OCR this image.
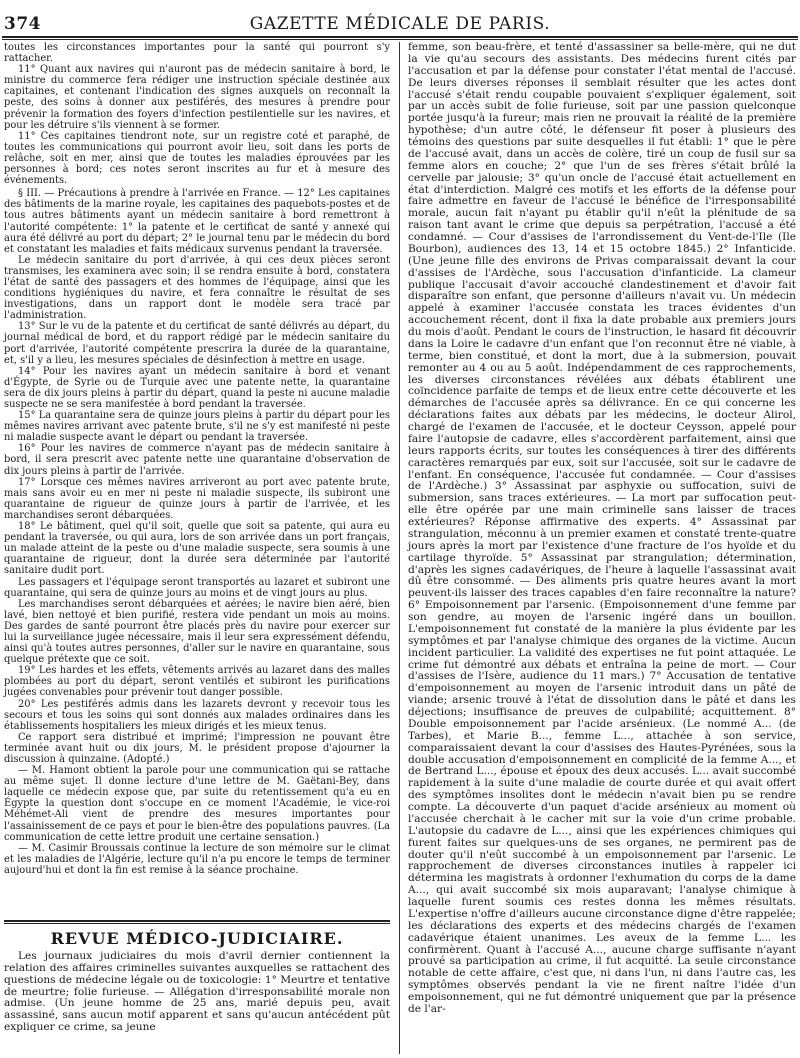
374	GAZETTE MÉDICALE DE PARIS.

toutes les circonstances importantes pour la santé qui pourront s'y rattacher.

11° Quant aux navires qui n'auront pas de médecin sanitaire à bord, le ministre du commerce fera rédiger une instruction spéciale destinée aux capitaines, et contenant l'indication des signes auxquels on reconnaît la peste, des soins à donner aux pestiférés, des mesures à prendre pour prévenir la formation des foyers d'infection pestilentielle sur les navires, et pour les détruire s'ils viennent à se former.

11° Ces capitaines tiendront note, sur un registre coté et paraphé, de toutes les communications qui pourront avoir lieu, soit dans les ports de relâche, soit en mer, ainsi que de toutes les maladies éprouvées par les personnes à bord; ces notes seront inscrites au fur et à mesure des événements.

§ III. — Précautions à prendre à l'arrivée en France. — 12° Les capitaines des bâtiments de la marine royale, les capitaines des paquebots-postes et de tous autres bâtiments ayant un médecin sanitaire à bord remettront à l'autorité compétente: 1° la patente et le certificat de santé y annexé qui aura été délivré au port du départ; 2° le journal tenu par le médecin du bord et constatant les maladies et faits médicaux survenus pendant la traversée.

Le médecin sanitaire du port d'arrivée, à qui ces deux pièces seront transmises, les examinera avec soin; il se rendra ensuite à bord, constatera l'état de santé des passagers et des hommes de l'équipage, ainsi que les conditions hygiéniques du navire, et fera connaître le résultat de ses investigations, dans un rapport dont le modèle sera tracé par l'administration.

13° Sur le vu de la patente et du certificat de santé délivrés au départ, du journal médical de bord, et du rapport rédigé par le médecin sanitaire du port d'arrivée, l'autorité compétente prescrira la durée de la quarantaine, et, s'il y a lieu, les mesures spéciales de désinfection à mettre en usage.

14° Pour les navires ayant un médecin sanitaire à bord et venant d'Égypte, de Syrie ou de Turquie avec une patente nette, la quarantaine sera de dix jours pleins à partir du départ, quand la peste ni aucune maladie suspecte ne se sera manifestée à bord pendant la traversée.

15° La quarantaine sera de quinze jours pleins à partir du départ pour les mêmes navires arrivant avec patente brute, s'il ne s'y est manifesté ni peste ni maladie suspecte avant le départ ou pendant la traversée.

16° Pour les navires de commerce n'ayant pas de médecin sanitaire à bord, il sera prescrit avec patente nette une quarantaine d'observation de dix jours pleins à partir de l'arrivée.

17° Lorsque ces mêmes navires arriveront au port avec patente brute, mais sans avoir eu en mer ni peste ni maladie suspecte, ils subiront une quarantaine de rigueur de quinze jours à partir de l'arrivée, et les marchandises seront débarquées.

18° Le bâtiment, quel qu'il soit, quelle que soit sa patente, qui aura eu pendant la traversée, ou qui aura, lors de son arrivée dans un port français, un malade atteint de la peste ou d'une maladie suspecte, sera soumis à une quarantaine de rigueur, dont la durée sera déterminée par l'autorité sanitaire dudit port.

Les passagers et l'équipage seront transportés au lazaret et subiront une quarantaine, qui sera de quinze jours au moins et de vingt jours au plus.

Les marchandises seront débarquées et aérées; le navire bien aéré, bien lavé, bien nettoyé et bien purifié, restera vide pendant un mois au moins. Des gardes de santé pourront être placés près du navire pour exercer sur lui la surveillance jugée nécessaire, mais il leur sera expressément défendu, ainsi qu'à toutes autres personnes, d'aller sur le navire en quarantaine, sous quelque prétexte que ce soit.

19° Les hardes et les effets, vêtements arrivés au lazaret dans des malles plombées au port du départ, seront ventilés et subiront les purifications jugées convenables pour prévenir tout danger possible.

20° Les pestiférés admis dans les lazarets devront y recevoir tous les secours et tous les soins qui sont donnés aux malades ordinaires dans les établissements hospitaliers les mieux dirigés et les mieux tenus.

Ce rapport sera distribué et imprimé; l'impression ne pouvant être terminée avant huit ou dix jours, M. le président propose d'ajourner la discussion à quinzaine. (Adopté.)

— M. Hamont obtient la parole pour une communication qui se rattache au même sujet. Il donne lecture d'une lettre de M. Gaëtani-Bey, dans laquelle ce médecin expose que, par suite du retentissement qu'a eu en Égypte la question dont s'occupe en ce moment l'Académie, le vice-roi Méhémet-Ali vient de prendre des mesures importantes pour l'assainissement de ce pays et pour le bien-être des populations pauvres. (La communication de cette lettre produit une certaine sensation.)

— M. Casimir Broussais continue la lecture de son mémoire sur le climat et les maladies de l'Algérie, lecture qu'il n'a pu encore le temps de terminer aujourd'hui et dont la fin est remise à la séance prochaine.

REVUE MÉDICO-JUDICIAIRE.

Les journaux judiciaires du mois d'avril dernier contiennent la relation des affaires criminelles suivantes auxquelles se rattachent des questions de médecine légale ou de toxicologie: 1° Meurtre et tentative de meurtre; folie furieuse. — Allégation d'irresponsabilité morale non admise. (Un jeune homme de 25 ans, marié depuis peu, avait assassiné, sans aucun motif apparent et sans qu'aucun antécédent pût expliquer ce crime, sa jeune

femme, son beau-frère, et tenté d'assassiner sa belle-mère, qui ne dut la vie qu'au secours des assistants. Des médecins furent cités par l'accusation et par la défense pour constater l'état mental de l'accusé. De leurs diverses réponses il semblait résulter que les actes dont l'accusé s'était rendu coupable pouvaient s'expliquer également, soit par un accès subit de folie furieuse, soit par une passion quelconque portée jusqu'à la fureur; mais rien ne prouvait la réalité de la première hypothèse; d'un autre côté, le défenseur fit poser à plusieurs des témoins des questions par suite desquelles il fut établi: 1° que le père de l'accusé avait, dans un accès de colère, tiré un coup de fusil sur sa femme alors en couche; 2° que l'un de ses frères s'était brûlé la cervelle par jalousie; 3° qu'un oncle de l'accusé était actuellement en état d'interdiction. Malgré ces motifs et les efforts de la défense pour faire admettre en faveur de l'accusé le bénéfice de l'irresponsabilité morale, aucun fait n'ayant pu établir qu'il n'eût la plénitude de sa raison tant avant le crime que depuis sa perpétration, l'accusé a été condamné. — Cour d'assises de l'arrondissement du Vent-de-l'Ile (Ile Bourbon), audiences des 13, 14 et 15 octobre 1845.) 2° Infanticide. (Une jeune fille des environs de Privas comparaissait devant la cour d'assises de l'Ardèche, sous l'accusation d'infanticide. La clameur publique l'accusait d'avoir accouché clandestinement et d'avoir fait disparaître son enfant, que personne d'ailleurs n'avait vu. Un médecin appelé à examiner l'accusée constata les traces évidentes d'un accouchement récent, dont il fixa la date probable aux premiers jours du mois d'août. Pendant le cours de l'instruction, le hasard fit découvrir dans la Loire le cadavre d'un enfant que l'on reconnut être né viable, à terme, bien constitué, et dont la mort, due à la submersion, pouvait remonter au 4 ou au 5 août. Indépendamment de ces rapprochements, les diverses circonstances révélées aux débats établirent une coïncidence parfaite de temps et de lieux entre cette découverte et les démarches de l'accusée après sa délivrance. En ce qui concerne les déclarations faites aux débats par les médecins, le docteur Alirol, chargé de l'examen de l'accusée, et le docteur Ceysson, appelé pour faire l'autopsie de cadavre, elles s'accordèrent parfaitement, ainsi que leurs rapports écrits, sur toutes les conséquences à tirer des différents caractères remarqués par eux, soit sur l'accusée, soit sur le cadavre de l'enfant. En conséquence, l'accusée fut condamnée. — Cour d'assises de l'Ardèche.) 3° Assassinat par asphyxie ou suffocation, suivi de submersion, sans traces extérieures. — La mort par suffocation peut-elle être opérée par une main criminelle sans laisser de traces extérieures? Réponse affirmative des experts. 4° Assassinat par strangulation, méconnu à un premier examen et constaté trente-quatre jours après la mort par l'existence d'une fracture de l'os hyoïde et du cartilage thyroïde. 5° Assassinat par strangulation; détermination, d'après les signes cadavériques, de l'heure à laquelle l'assassinat avait dû être consommé. — Des aliments pris quatre heures avant la mort peuvent-ils laisser des traces capables d'en faire reconnaître la nature? 6° Empoisonnement par l'arsenic. (Empoisonnement d'une femme par son gendre, au moyen de l'arsenic ingéré dans un bouillon. L'empoisonnement fut constaté de la manière la plus évidente par les symptômes et par l'analyse chimique des organes de la victime. Aucun incident particulier. La validité des expertises ne fut point attaquée. Le crime fut démontré aux débats et entraîna la peine de mort. — Cour d'assises de l'Isère, audience du 11 mars.) 7° Accusation de tentative d'empoisonnement au moyen de l'arsenic introduit dans un pâté de viande; arsenic trouvé à l'état de dissolution dans le pâté et dans les déjections; insuffisance de preuves de culpabilité; acquittement. 8° Double empoisonnement par l'acide arsénieux. (Le nommé A... (de Tarbes), et Marie B..., femme L..., attachée à son service, comparaissaient devant la cour d'assises des Hautes-Pyrénées, sous la double accusation d'empoisonnement en complicité de la femme A..., et de Bertrand L..., épouse et époux des deux accusés. L... avait succombé rapidement à la suite d'une maladie de courte durée et qui avait offert des symptômes insolites dont le médecin n'avait bien pu se rendre compte. La découverte d'un paquet d'acide arsénieux au moment où l'accusée cherchait à le cacher mit sur la voie d'un crime probable. L'autopsie du cadavre de L..., ainsi que les expériences chimiques qui furent faites sur quelques-uns de ses organes, ne permirent pas de douter qu'il n'eût succombé à un empoisonnement par l'arsenic. Le rapprochement de diverses circonstances inutiles à rappeler ici détermina les magistrats à ordonner l'exhumation du corps de la dame A..., qui avait succombé six mois auparavant; l'analyse chimique à laquelle furent soumis ces restes donna les mêmes résultats. L'expertise n'offre d'ailleurs aucune circonstance digne d'être rappelée; les déclarations des experts et des médecins chargés de l'examen cadavérique étaient unanimes. Les aveux de la femme L... les confirmèrent. Quant à l'accusé A..., aucune charge suffisante n'ayant prouvé sa participation au crime, il fut acquitté. La seule circonstance notable de cette affaire, c'est que, ni dans l'un, ni dans l'autre cas, les symptômes observés pendant la vie ne firent naître l'idée d'un empoisonnement, qui ne fut démontré uniquement que par la présence de l'ar-
